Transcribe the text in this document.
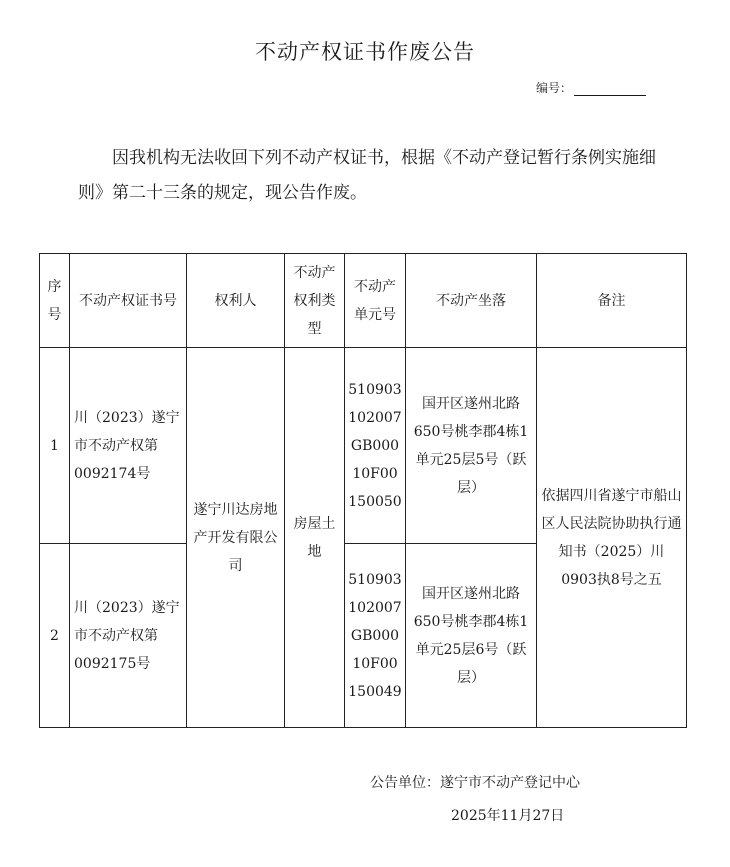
不动产权证书作废公告
编号：
因我机构无法收回下列不动产权证书，根据《不动产登记暂行条例实施细则》第二十三条的规定，现公告作废。
序号	不动产权证书号	权利人	不动产权利类型	不动产单元号	不动产坐落	备注
1	川（2023）遂宁市不动产权第0092174号	遂宁川达房地产开发有限公司	房屋土地	510903102007GB00010F00150050	国开区遂州北路650号桃李郡4栋1单元25层5号（跃层）	依据四川省遂宁市船山区人民法院协助执行通知书（2025）川0903执8号之五
2	川（2023）遂宁市不动产权第0092175号			510903102007GB00010F00150049	国开区遂州北路650号桃李郡4栋1单元25层6号（跃层）	
公告单位：遂宁市不动产登记中心
2025年11月27日
